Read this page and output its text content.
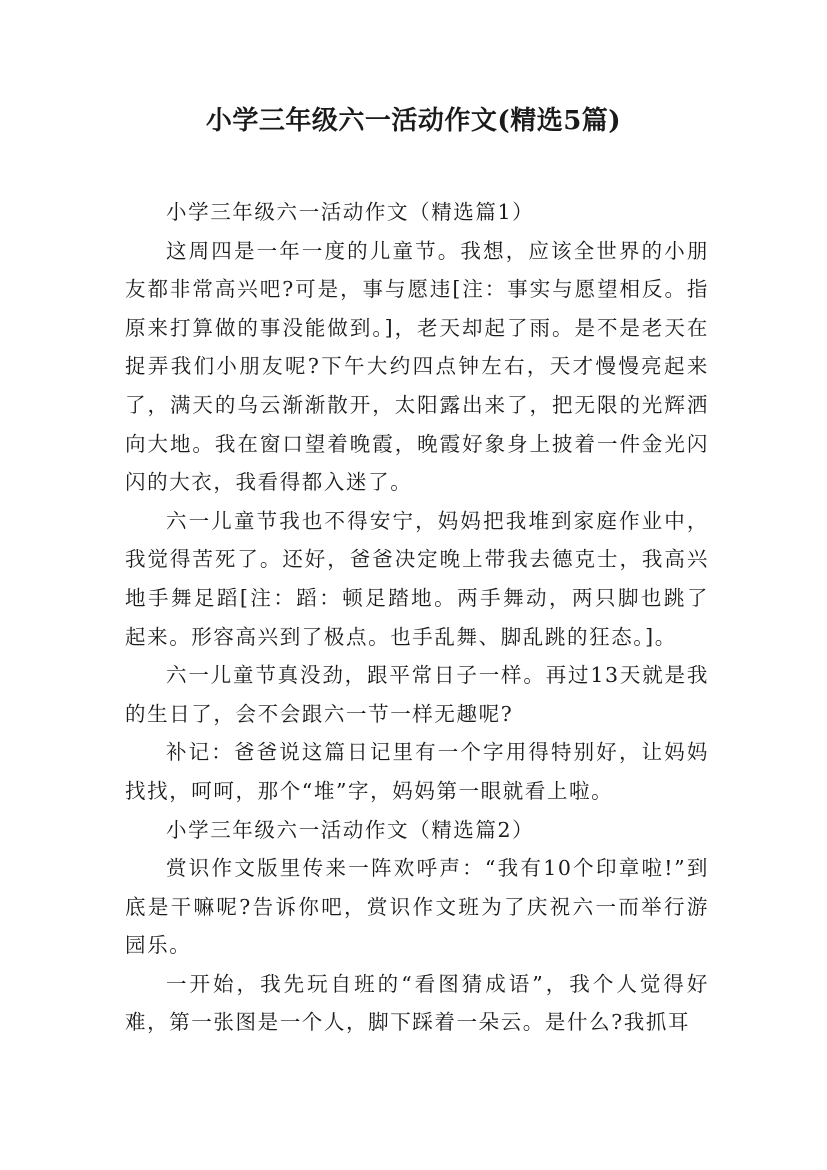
小学三年级六一活动作文(精选5篇)

小学三年级六一活动作文（精选篇1）

这周四是一年一度的儿童节。我想，应该全世界的小朋友都非常高兴吧?可是，事与愿违[注：事实与愿望相反。指原来打算做的事没能做到。]，老天却起了雨。是不是老天在捉弄我们小朋友呢?下午大约四点钟左右，天才慢慢亮起来了，满天的乌云渐渐散开，太阳露出来了，把无限的光辉洒向大地。我在窗口望着晚霞，晚霞好象身上披着一件金光闪闪的大衣，我看得都入迷了。

六一儿童节我也不得安宁，妈妈把我堆到家庭作业中，我觉得苦死了。还好，爸爸决定晚上带我去德克士，我高兴地手舞足蹈[注：蹈：顿足踏地。两手舞动，两只脚也跳了起来。形容高兴到了极点。也手乱舞、脚乱跳的狂态。]。

六一儿童节真没劲，跟平常日子一样。再过13天就是我的生日了，会不会跟六一节一样无趣呢?

补记：爸爸说这篇日记里有一个字用得特别好，让妈妈找找，呵呵，那个“堆”字，妈妈第一眼就看上啦。

小学三年级六一活动作文（精选篇2）

赏识作文版里传来一阵欢呼声：“我有10个印章啦!”到底是干嘛呢?告诉你吧，赏识作文班为了庆祝六一而举行游园乐。

一开始，我先玩自班的“看图猜成语”，我个人觉得好难，第一张图是一个人，脚下踩着一朵云。是什么?我抓耳
